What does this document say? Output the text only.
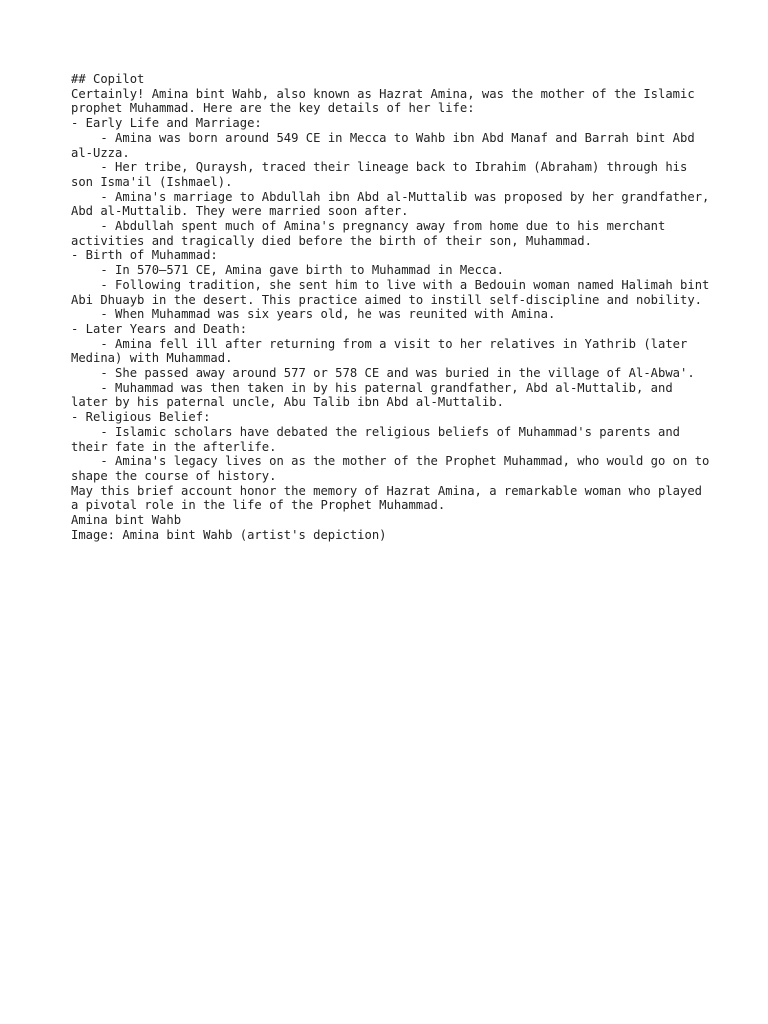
## Copilot

Certainly! Amina bint Wahb, also known as Hazrat Amina, was the mother of the Islamic prophet Muhammad. Here are the key details of her life:

- Early Life and Marriage:

- Amina was born around 549 CE in Mecca to Wahb ibn Abd Manaf and Barrah bint Abd al-Uzza.

- Her tribe, Quraysh, traced their lineage back to Ibrahim (Abraham) through his son Isma'il (Ishmael).

- Amina's marriage to Abdullah ibn Abd al-Muttalib was proposed by her grandfather, Abd al-Muttalib. They were married soon after.

- Abdullah spent much of Amina's pregnancy away from home due to his merchant activities and tragically died before the birth of their son, Muhammad.

- Birth of Muhammad:

- In 570–571 CE, Amina gave birth to Muhammad in Mecca.

- Following tradition, she sent him to live with a Bedouin woman named Halimah bint Abi Dhuayb in the desert. This practice aimed to instill self-discipline and nobility.

- When Muhammad was six years old, he was reunited with Amina.

- Later Years and Death:

- Amina fell ill after returning from a visit to her relatives in Yathrib (later Medina) with Muhammad.

- She passed away around 577 or 578 CE and was buried in the village of Al-Abwa'.

- Muhammad was then taken in by his paternal grandfather, Abd al-Muttalib, and later by his paternal uncle, Abu Talib ibn Abd al-Muttalib.

- Religious Belief:

- Islamic scholars have debated the religious beliefs of Muhammad's parents and their fate in the afterlife.

- Amina's legacy lives on as the mother of the Prophet Muhammad, who would go on to shape the course of history.

May this brief account honor the memory of Hazrat Amina, a remarkable woman who played a pivotal role in the life of the Prophet Muhammad.

Amina bint Wahb

Image: Amina bint Wahb (artist's depiction)
